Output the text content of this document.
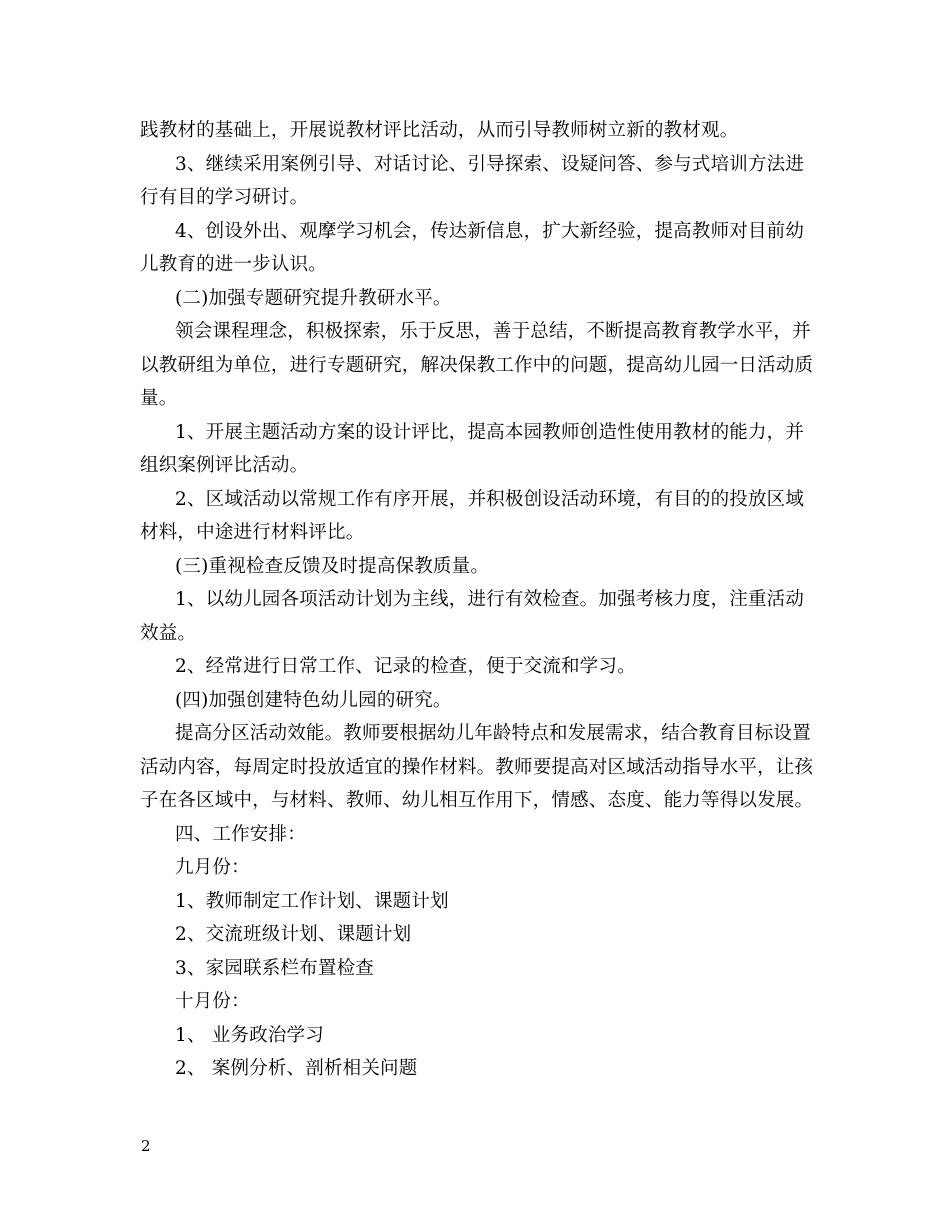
践教材的基础上，开展说教材评比活动，从而引导教师树立新的教材观。
3、继续采用案例引导、对话讨论、引导探索、设疑问答、参与式培训方法进
行有目的学习研讨。
4、创设外出、观摩学习机会，传达新信息，扩大新经验，提高教师对目前幼
儿教育的进一步认识。
(二)加强专题研究提升教研水平。
领会课程理念，积极探索，乐于反思，善于总结，不断提高教育教学水平，并
以教研组为单位，进行专题研究，解决保教工作中的问题，提高幼儿园一日活动质
量。
1、开展主题活动方案的设计评比，提高本园教师创造性使用教材的能力，并
组织案例评比活动。
2、区域活动以常规工作有序开展，并积极创设活动环境，有目的的投放区域
材料，中途进行材料评比。
(三)重视检查反馈及时提高保教质量。
1、以幼儿园各项活动计划为主线，进行有效检查。加强考核力度，注重活动
效益。
2、经常进行日常工作、记录的检查，便于交流和学习。
(四)加强创建特色幼儿园的研究。
提高分区活动效能。教师要根据幼儿年龄特点和发展需求，结合教育目标设置
活动内容，每周定时投放适宜的操作材料。教师要提高对区域活动指导水平，让孩
子在各区域中，与材料、教师、幼儿相互作用下，情感、态度、能力等得以发展。
四、工作安排：
九月份：
1、教师制定工作计划、课题计划
2、交流班级计划、课题计划
3、家园联系栏布置检查
十月份：
1、 业务政治学习
2、 案例分析、剖析相关问题
2
